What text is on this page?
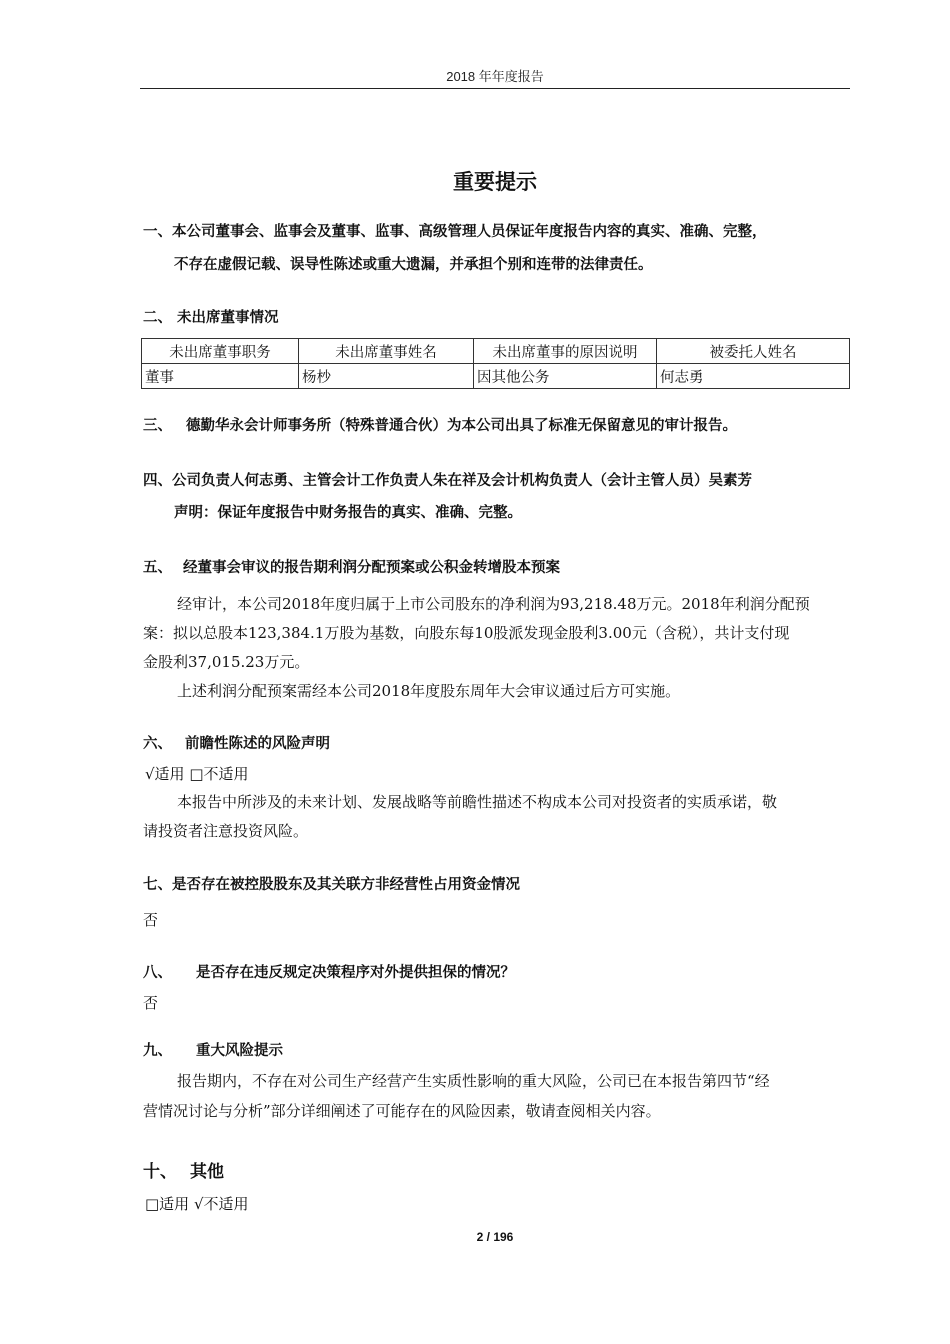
2018 年年度报告
重要提示
一、本公司董事会、监事会及董事、监事、高级管理人员保证年度报告内容的真实、准确、完整，
不存在虚假记载、误导性陈述或重大遗漏，并承担个别和连带的法律责任。
二、 未出席董事情况
未出席董事职务	未出席董事姓名	未出席董事的原因说明	被委托人姓名
董事	杨杪	因其他公务	何志勇
三、 德勤华永会计师事务所（特殊普通合伙）为本公司出具了标准无保留意见的审计报告。
四、公司负责人何志勇、主管会计工作负责人朱在祥及会计机构负责人（会计主管人员）吴素芳
声明：保证年度报告中财务报告的真实、准确、完整。
五、 经董事会审议的报告期利润分配预案或公积金转增股本预案
经审计，本公司2018年度归属于上市公司股东的净利润为93,218.48万元。2018年利润分配预
案：拟以总股本123,384.1万股为基数，向股东每10股派发现金股利3.00元（含税），共计支付现
金股利37,015.23万元。
上述利润分配预案需经本公司2018年度股东周年大会审议通过后方可实施。
六、 前瞻性陈述的风险声明
√适用 □不适用
本报告中所涉及的未来计划、发展战略等前瞻性描述不构成本公司对投资者的实质承诺，敬
请投资者注意投资风险。
七、是否存在被控股股东及其关联方非经营性占用资金情况
否
八、 是否存在违反规定决策程序对外提供担保的情况？
否
九、 重大风险提示
报告期内，不存在对公司生产经营产生实质性影响的重大风险，公司已在本报告第四节“经
营情况讨论与分析”部分详细阐述了可能存在的风险因素，敬请查阅相关内容。
十、 其他
□适用 √不适用
2 / 196
